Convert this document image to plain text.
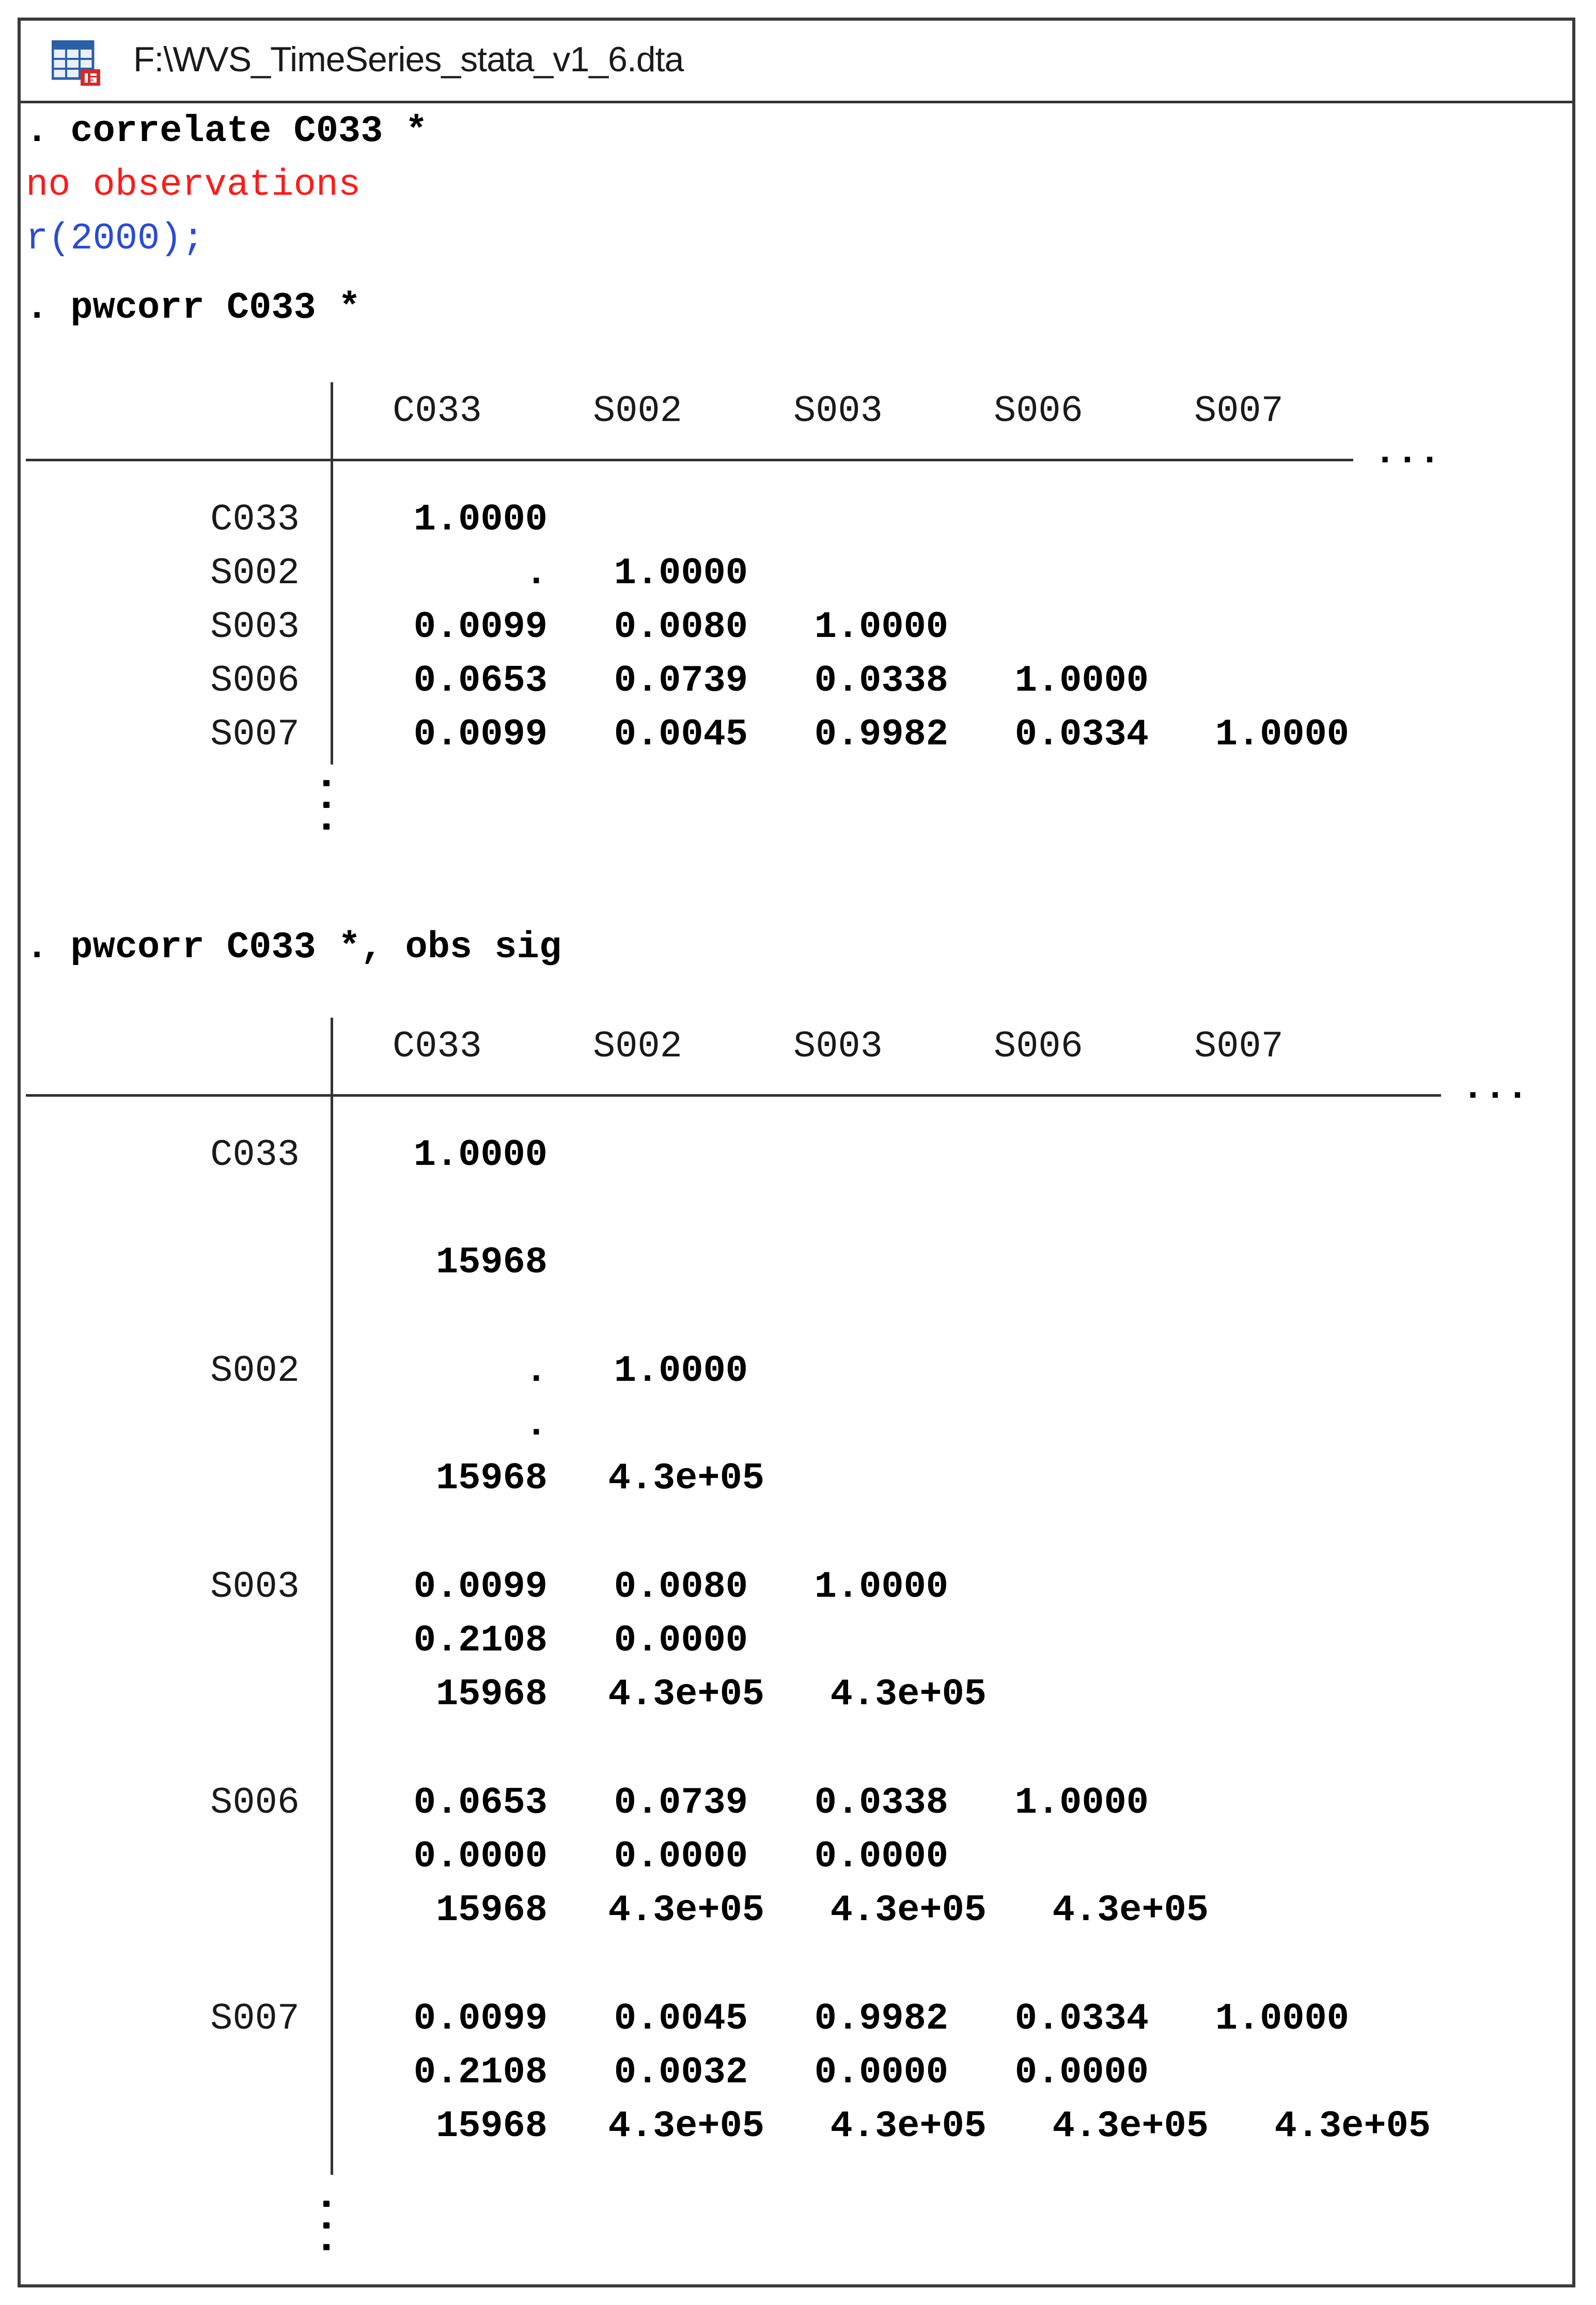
F:\WVS_TimeSeries_stata_v1_6.dta
. correlate C033 *
no observations
r(2000);
. pwcorr C033 *
C033	S002	S003	S006	S007
...
C033	1.0000
S002	.	1.0000
S003	0.0099	0.0080	1.0000
S006	0.0653	0.0739	0.0338	1.0000
S007	0.0099	0.0045	0.9982	0.0334	1.0000
. pwcorr C033 *, obs sig
C033	S002	S003	S006	S007
...
C033	1.0000
15968
S002	.	1.0000
.
15968 4.3e+05
S003	0.0099	0.0080	1.0000
0.2108	0.0000
15968 4.3e+05 4.3e+05
S006	0.0653	0.0739	0.0338	1.0000
0.0000	0.0000	0.0000
15968 4.3e+05 4.3e+05 4.3e+05
S007	0.0099	0.0045	0.9982	0.0334	1.0000
0.2108	0.0032	0.0000	0.0000
15968 4.3e+05 4.3e+05 4.3e+05 4.3e+05
